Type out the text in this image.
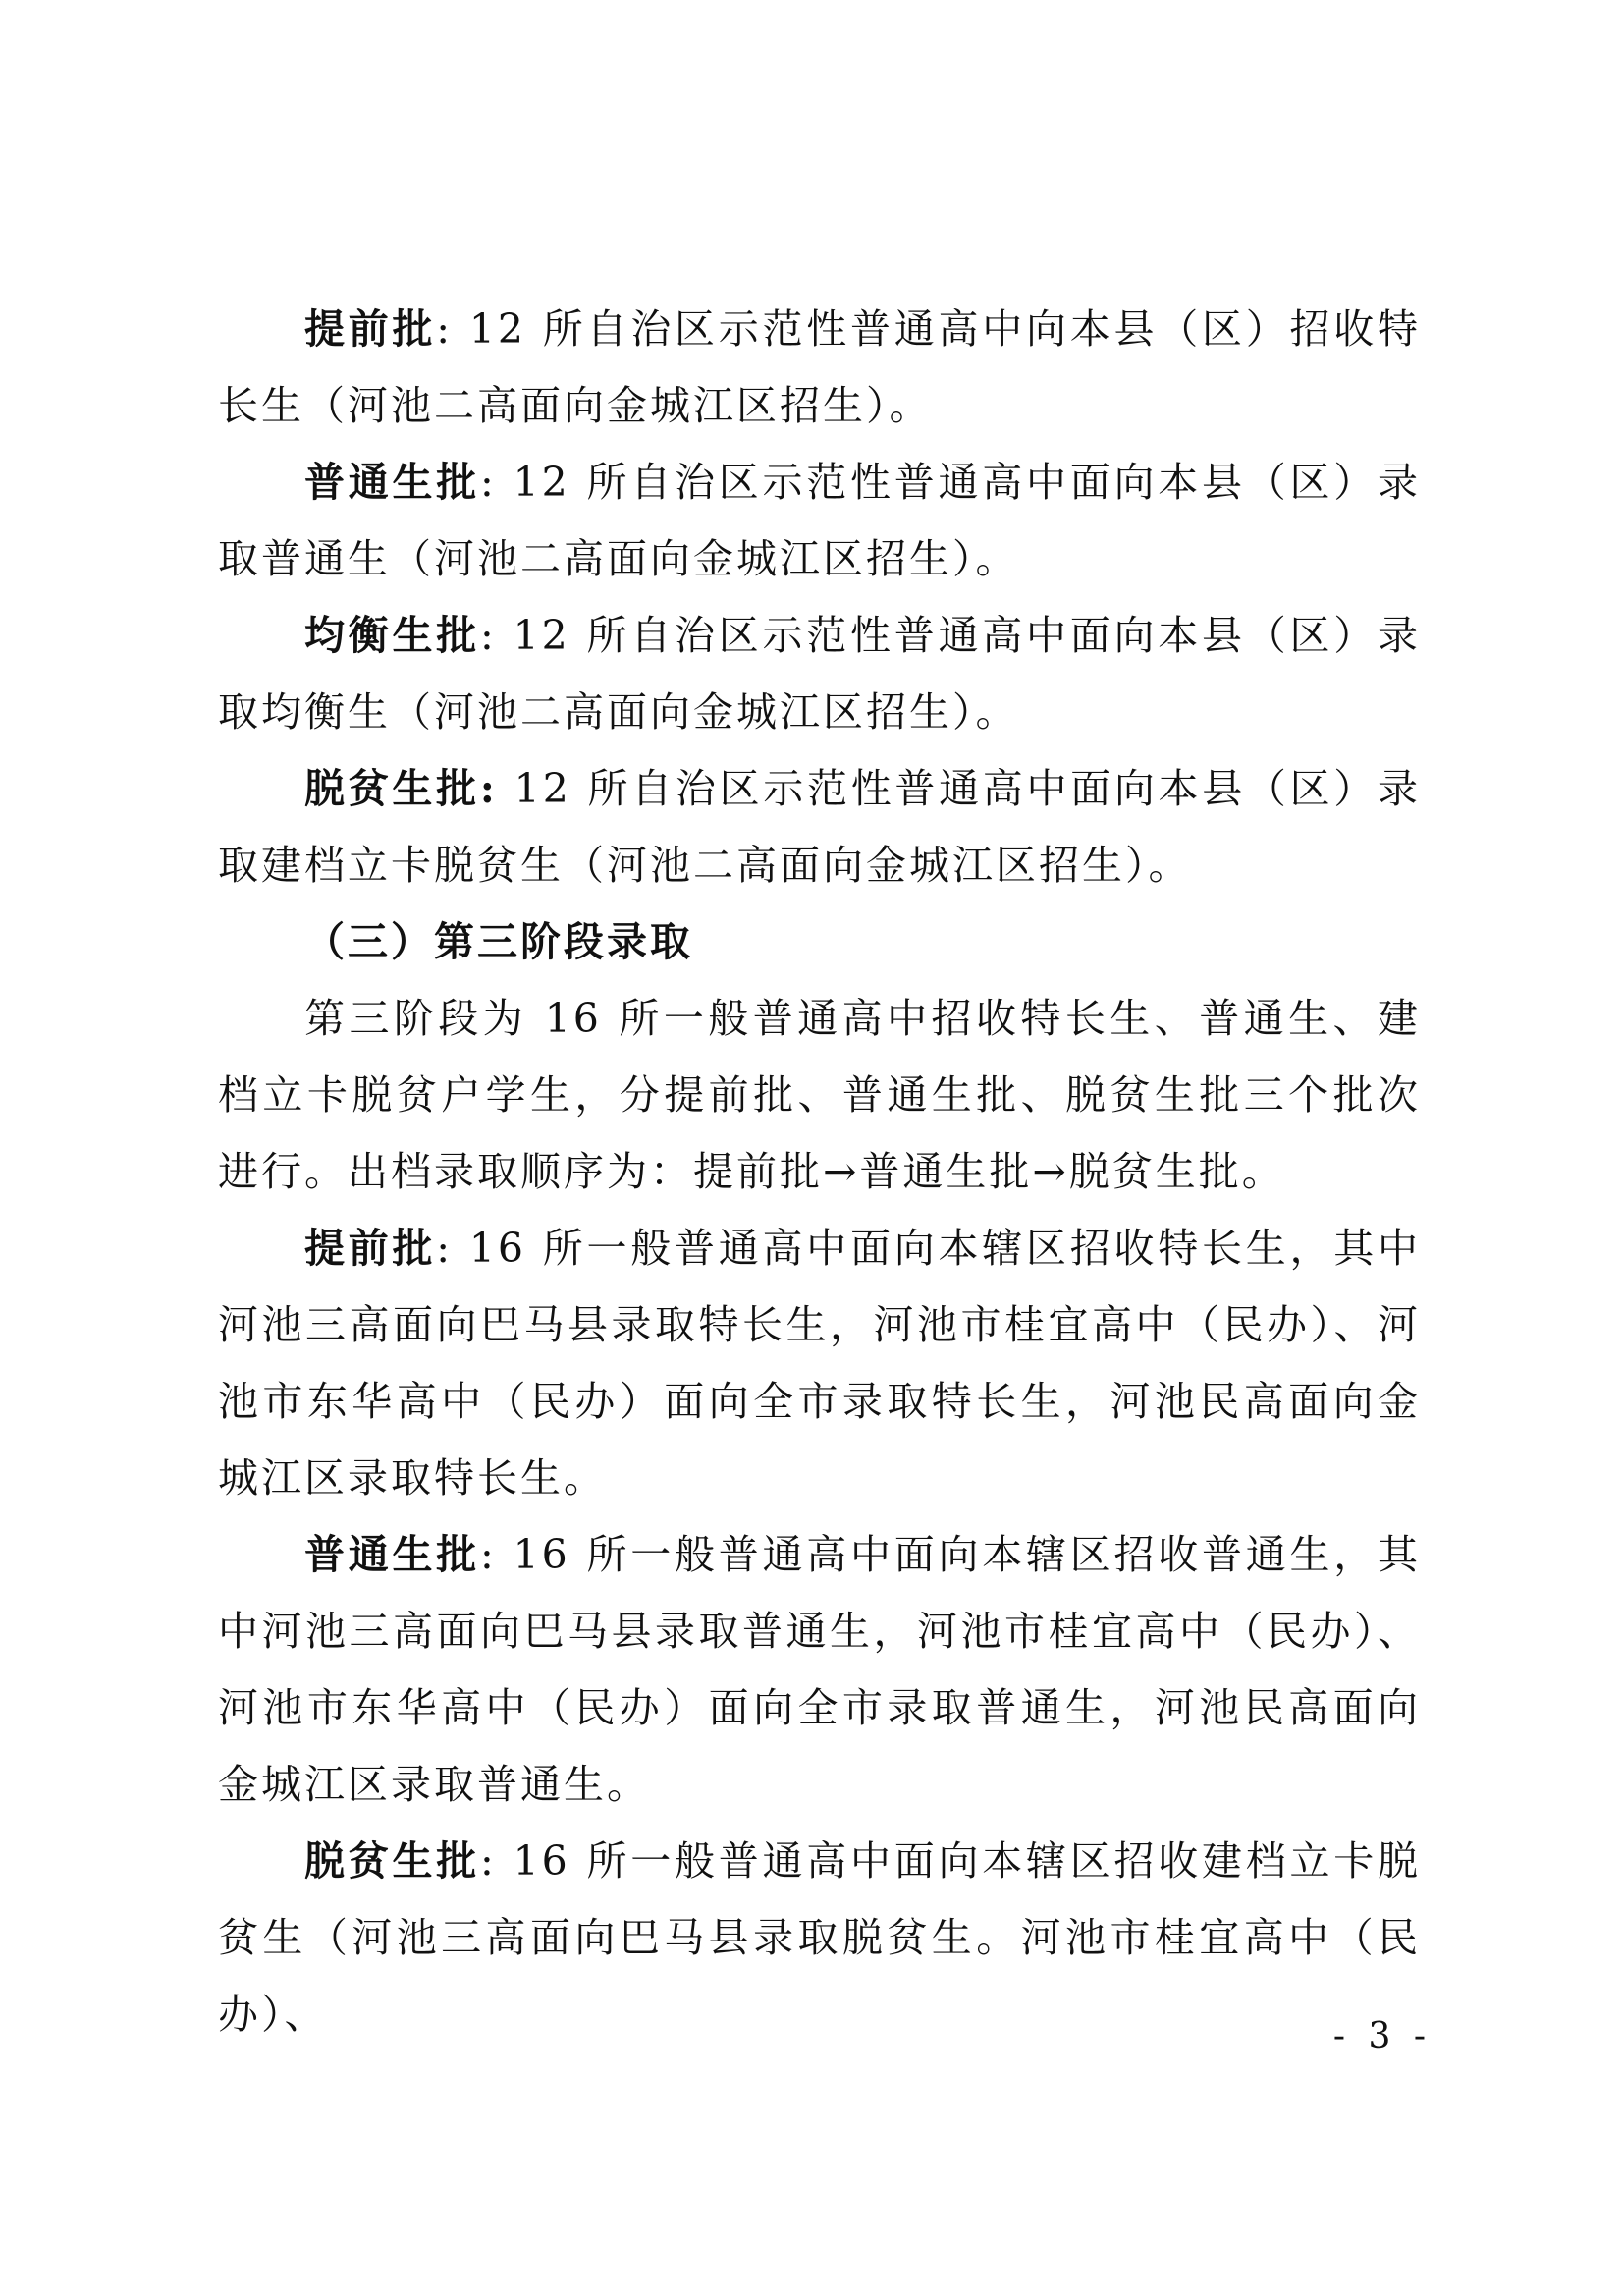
提前批: 12 所自治区示范性普通高中向本县（区）招收特长生（河池二高面向金城江区招生）。

普通生批: 12 所自治区示范性普通高中面向本县（区）录取普通生（河池二高面向金城江区招生）。

均衡生批: 12 所自治区示范性普通高中面向本县（区）录取均衡生（河池二高面向金城江区招生）。

脱贫生批: 12 所自治区示范性普通高中面向本县（区）录取建档立卡脱贫生（河池二高面向金城江区招生）。

（三）第三阶段录取

第三阶段为 16 所一般普通高中招收特长生、普通生、建档立卡脱贫户学生，分提前批、普通生批、脱贫生批三个批次进行。出档录取顺序为：提前批→普通生批→脱贫生批。

提前批: 16 所一般普通高中面向本辖区招收特长生，其中河池三高面向巴马县录取特长生，河池市桂宜高中（民办）、河池市东华高中（民办）面向全市录取特长生，河池民高面向金城江区录取特长生。

普通生批: 16 所一般普通高中面向本辖区招收普通生，其中河池三高面向巴马县录取普通生，河池市桂宜高中（民办）、河池市东华高中（民办）面向全市录取普通生，河池民高面向金城江区录取普通生。

脱贫生批: 16 所一般普通高中面向本辖区招收建档立卡脱贫生（河池三高面向巴马县录取脱贫生。河池市桂宜高中（民办）、	- 3 -
